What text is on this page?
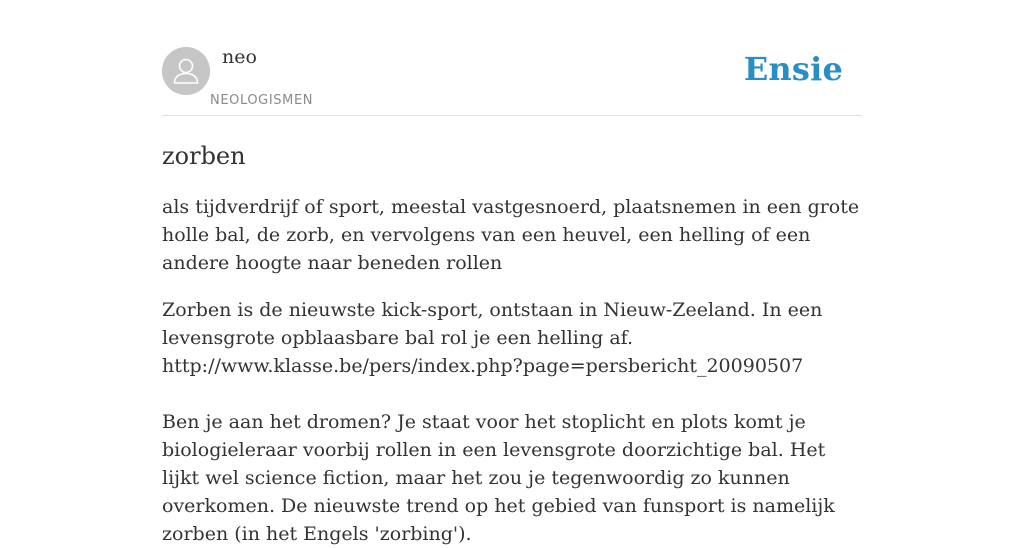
neo
NEOLOGISMEN
Ensie
zorben
als tijdverdrijf of sport, meestal vastgesnoerd, plaatsnemen in een grote holle bal, de zorb, en vervolgens van een heuvel, een helling of een andere hoogte naar beneden rollen

Zorben is de nieuwste kick-sport, ontstaan in Nieuw-Zeeland. In een levensgrote opblaasbare bal rol je een helling af.

http://www.klasse.be/pers/index.php?page=persbericht_20090507

Ben je aan het dromen? Je staat voor het stoplicht en plots komt je biologieleraar voorbij rollen in een levensgrote doorzichtige bal. Het lijkt wel science fiction, maar het zou je tegenwoordig zo kunnen overkomen. De nieuwste trend op het gebied van funsport is namelijk zorben (in het Engels 'zorbing').
